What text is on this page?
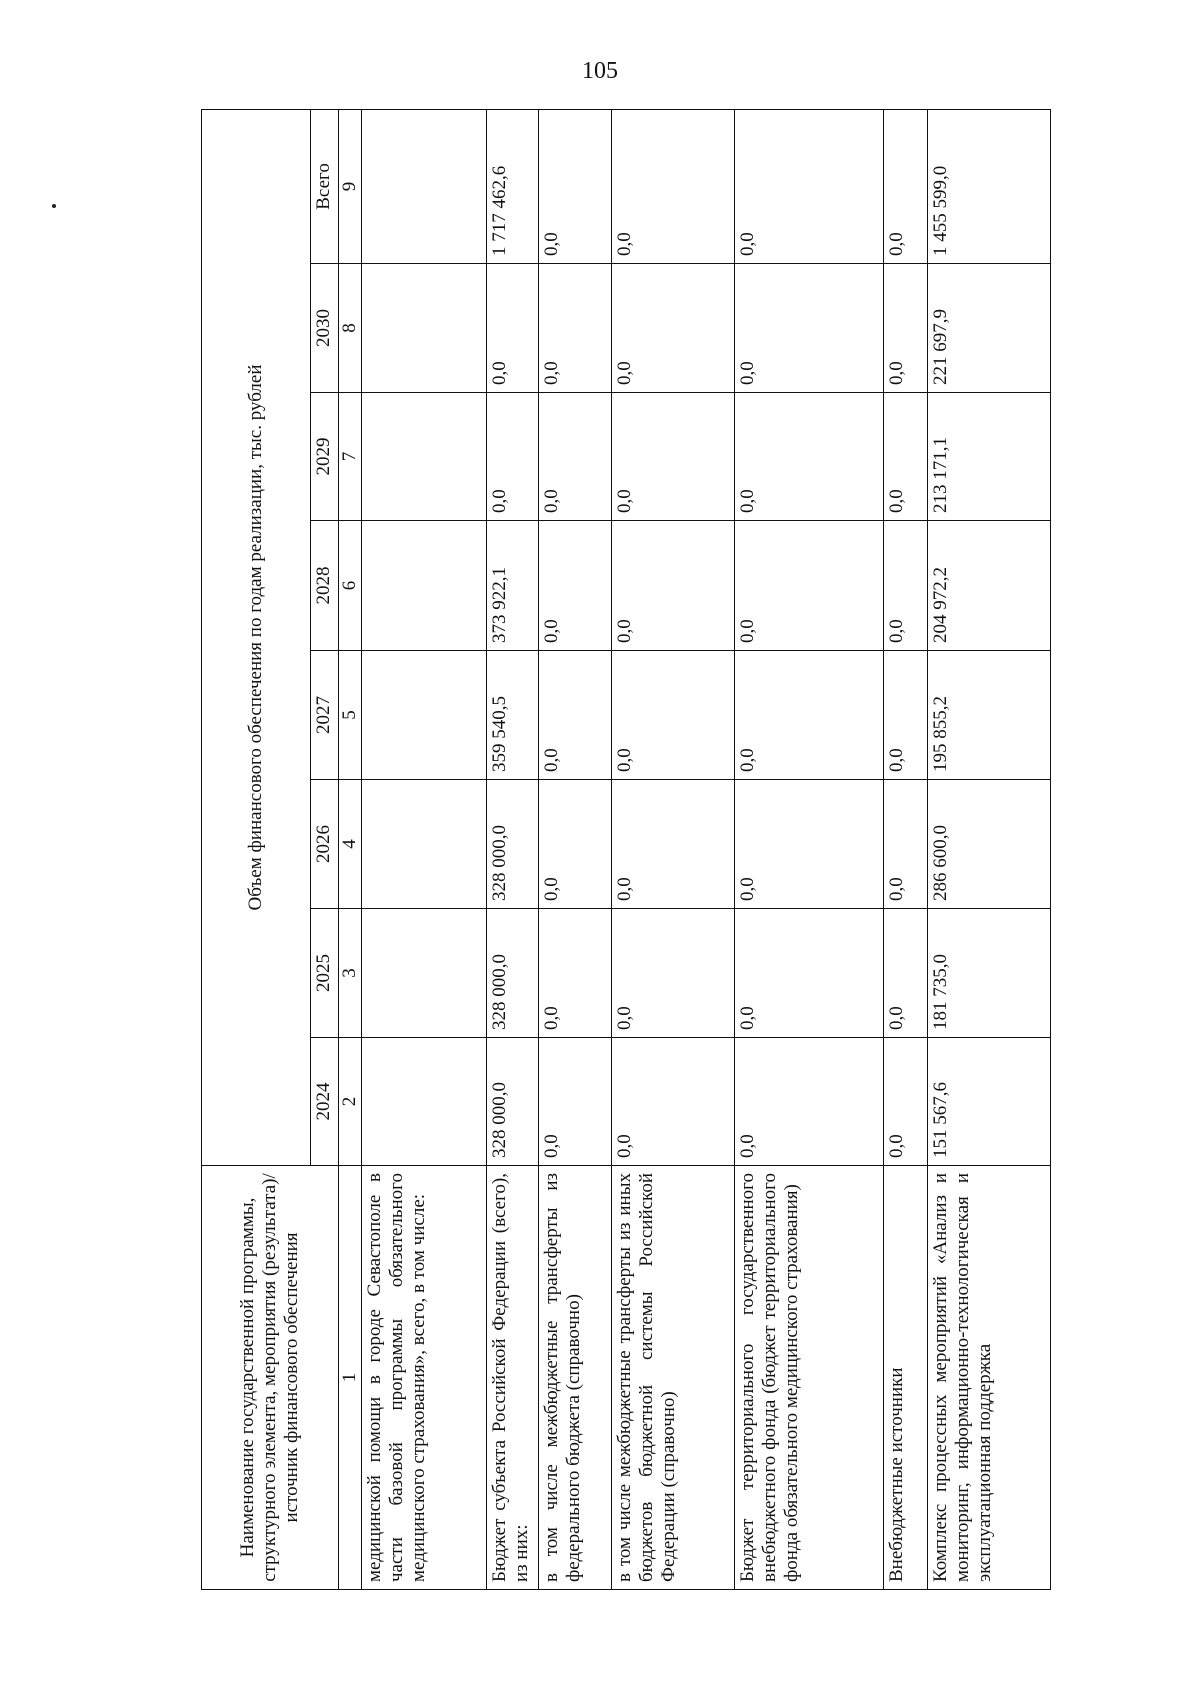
105
Наименование государственной программы, структурного элемента, мероприятия (результата)/источник финансового обеспечения	Объем финансового обеспечения по годам реализации, тыс. рублей							
	2024	2025	2026	2027	2028	2029	2030	Всего
1	2	3	4	5	6	7	8	9
медицинской помощи в городе Севастополе в части базовой программы обязательного медицинского страхования», всего, в том числе:								
Бюджет субъекта Российской Федерации (всего), из них:	328 000,0	328 000,0	328 000,0	359 540,5	373 922,1	0,0	0,0	1 717 462,6
в том числе межбюджетные трансферты из федерального бюджета (справочно)	0,0	0,0	0,0	0,0	0,0	0,0	0,0	0,0
в том числе межбюджетные трансферты из иных бюджетов бюджетной системы Российской Федерации (справочно)	0,0	0,0	0,0	0,0	0,0	0,0	0,0	0,0
Бюджет территориального государственного внебюджетного фонда (бюджет территориального фонда обязательного медицинского страхования)	0,0	0,0	0,0	0,0	0,0	0,0	0,0	0,0
Внебюджетные источники	0,0	0,0	0,0	0,0	0,0	0,0	0,0	0,0
Комплекс процессных мероприятий «Анализ и мониторинг, информационно-технологическая и эксплуатационная поддержка	151 567,6	181 735,0	286 600,0	195 855,2	204 972,2	213 171,1	221 697,9	1 455 599,0
